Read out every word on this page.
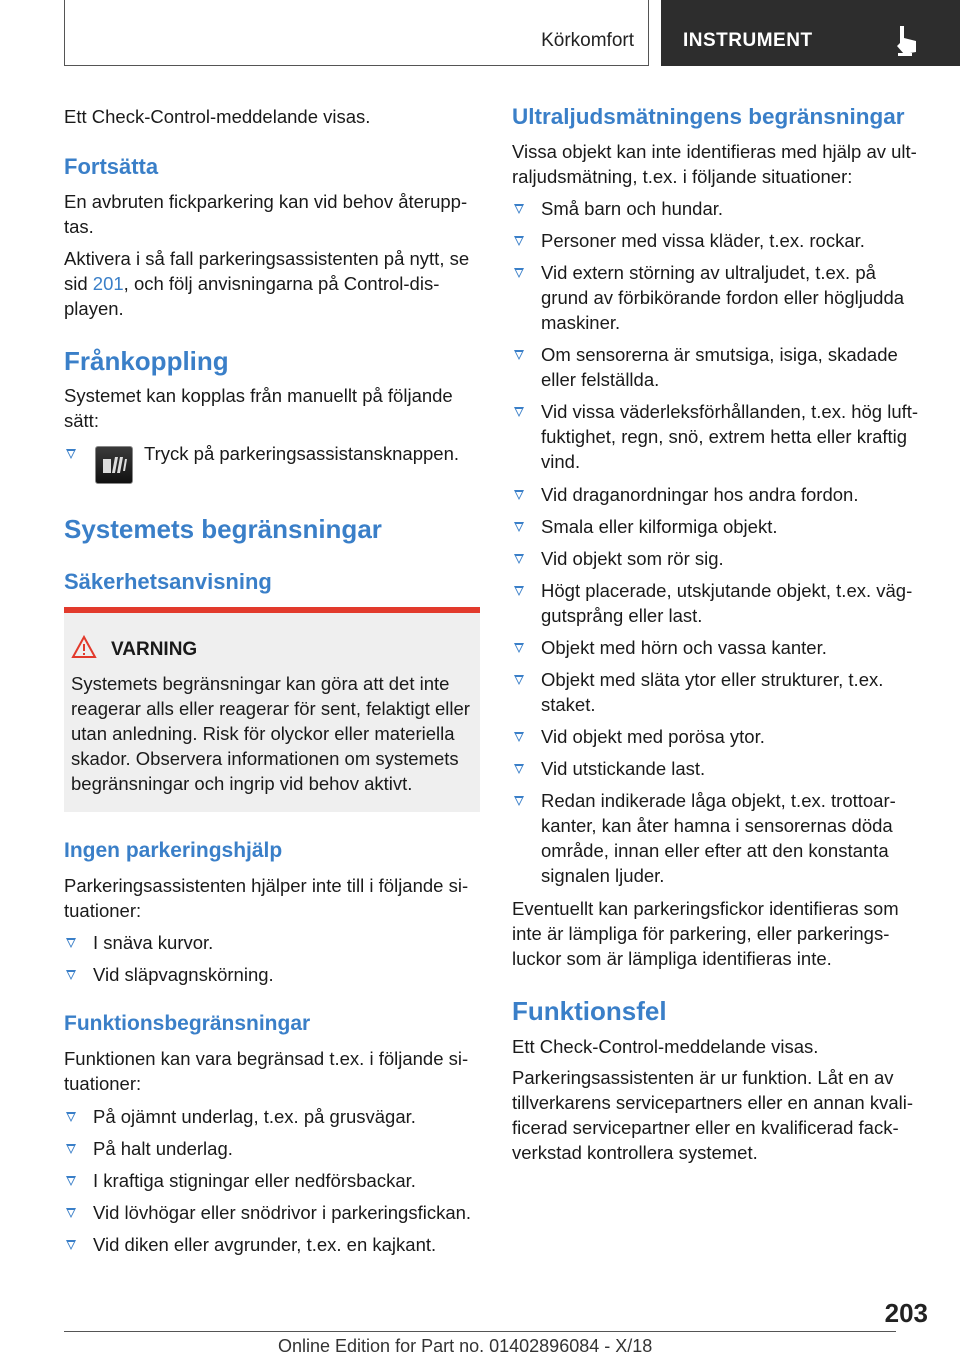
Körkomfort	INSTRUMENT
Ett Check-Control-meddelande visas.
Fortsätta
En avbruten fickparkering kan vid behov återupptas.
Aktivera i så fall parkeringsassistenten på nytt, se sid 201, och följ anvisningarna på Control-displayen.
Frånkoppling
Systemet kan kopplas från manuellt på följande sätt:
Tryck på parkeringsassistansknappen.
Systemets begränsningar
Säkerhetsanvisning
VARNING
Systemets begränsningar kan göra att det inte reagerar alls eller reagerar för sent, felaktigt eller utan anledning. Risk för olyckor eller materiella skador. Observera informationen om systemets begränsningar och ingrip vid behov aktivt.
Ingen parkeringshjälp
Parkeringsassistenten hjälper inte till i följande situationer:
I snäva kurvor.
Vid släpvagnskörning.
Funktionsbegränsningar
Funktionen kan vara begränsad t.ex. i följande situationer:
På ojämnt underlag, t.ex. på grusvägar.
På halt underlag.
I kraftiga stigningar eller nedförsbackar.
Vid lövhögar eller snödrivor i parkeringsfickan.
Vid diken eller avgrunder, t.ex. en kajkant.
Ultraljudsmätningens begränsningar
Vissa objekt kan inte identifieras med hjälp av ultraljudsmätning, t.ex. i följande situationer:
Små barn och hundar.
Personer med vissa kläder, t.ex. rockar.
Vid extern störning av ultraljudet, t.ex. på grund av förbikörande fordon eller högljudda maskiner.
Om sensorerna är smutsiga, isiga, skadade eller felställda.
Vid vissa väderleksförhållanden, t.ex. hög luftfuktighet, regn, snö, extrem hetta eller kraftig vind.
Vid draganordningar hos andra fordon.
Smala eller kilformiga objekt.
Vid objekt som rör sig.
Högt placerade, utskjutande objekt, t.ex. väggutsprång eller last.
Objekt med hörn och vassa kanter.
Objekt med släta ytor eller strukturer, t.ex. staket.
Vid objekt med porösa ytor.
Vid utstickande last.
Redan indikerade låga objekt, t.ex. trottoarkanter, kan åter hamna i sensorernas döda område, innan eller efter att den konstanta signalen ljuder.
Eventuellt kan parkeringsfickor identifieras som inte är lämpliga för parkering, eller parkeringsluckor som är lämpliga identifieras inte.
Funktionsfel
Ett Check-Control-meddelande visas.
Parkeringsassistenten är ur funktion. Låt en av tillverkarens servicepartners eller en annan kvalificerad servicepartner eller en kvalificerad fackverkstad kontrollera systemet.
203
Online Edition for Part no. 01402896084 - X/18
